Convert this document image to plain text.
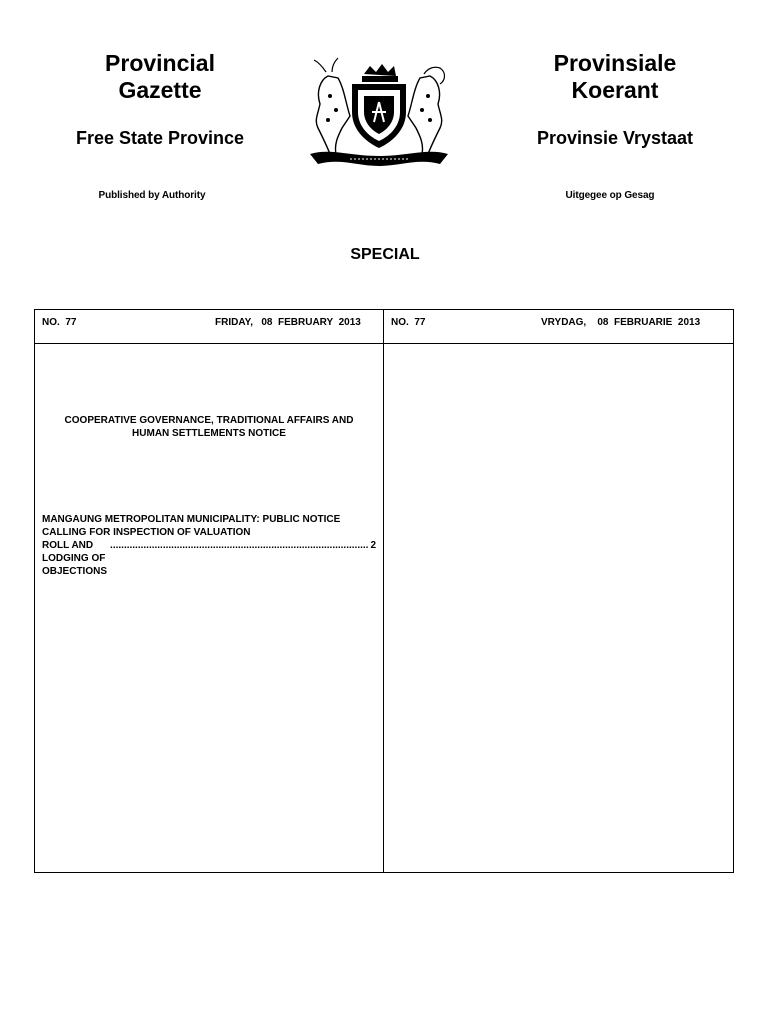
Provincial
Gazette
Provinsiale
Koerant
Free State Province	Provinsie Vrystaat
Published by Authority	Uitgegee op Gesag
SPECIAL
NO. 77	FRIDAY, 08  FEBRUARY  2013	NO. 77	VRYDAG, 08  FEBRUARIE  2013
COOPERATIVE GOVERNANCE, TRADITIONAL AFFAIRS AND
HUMAN SETTLEMENTS NOTICE
MANGAUNG METROPOLITAN MUNICIPALITY: PUBLIC NOTICE
CALLING FOR INSPECTION OF VALUATION
ROLL AND LODGING OF OBJECTIONS
............................................................................................. 2
